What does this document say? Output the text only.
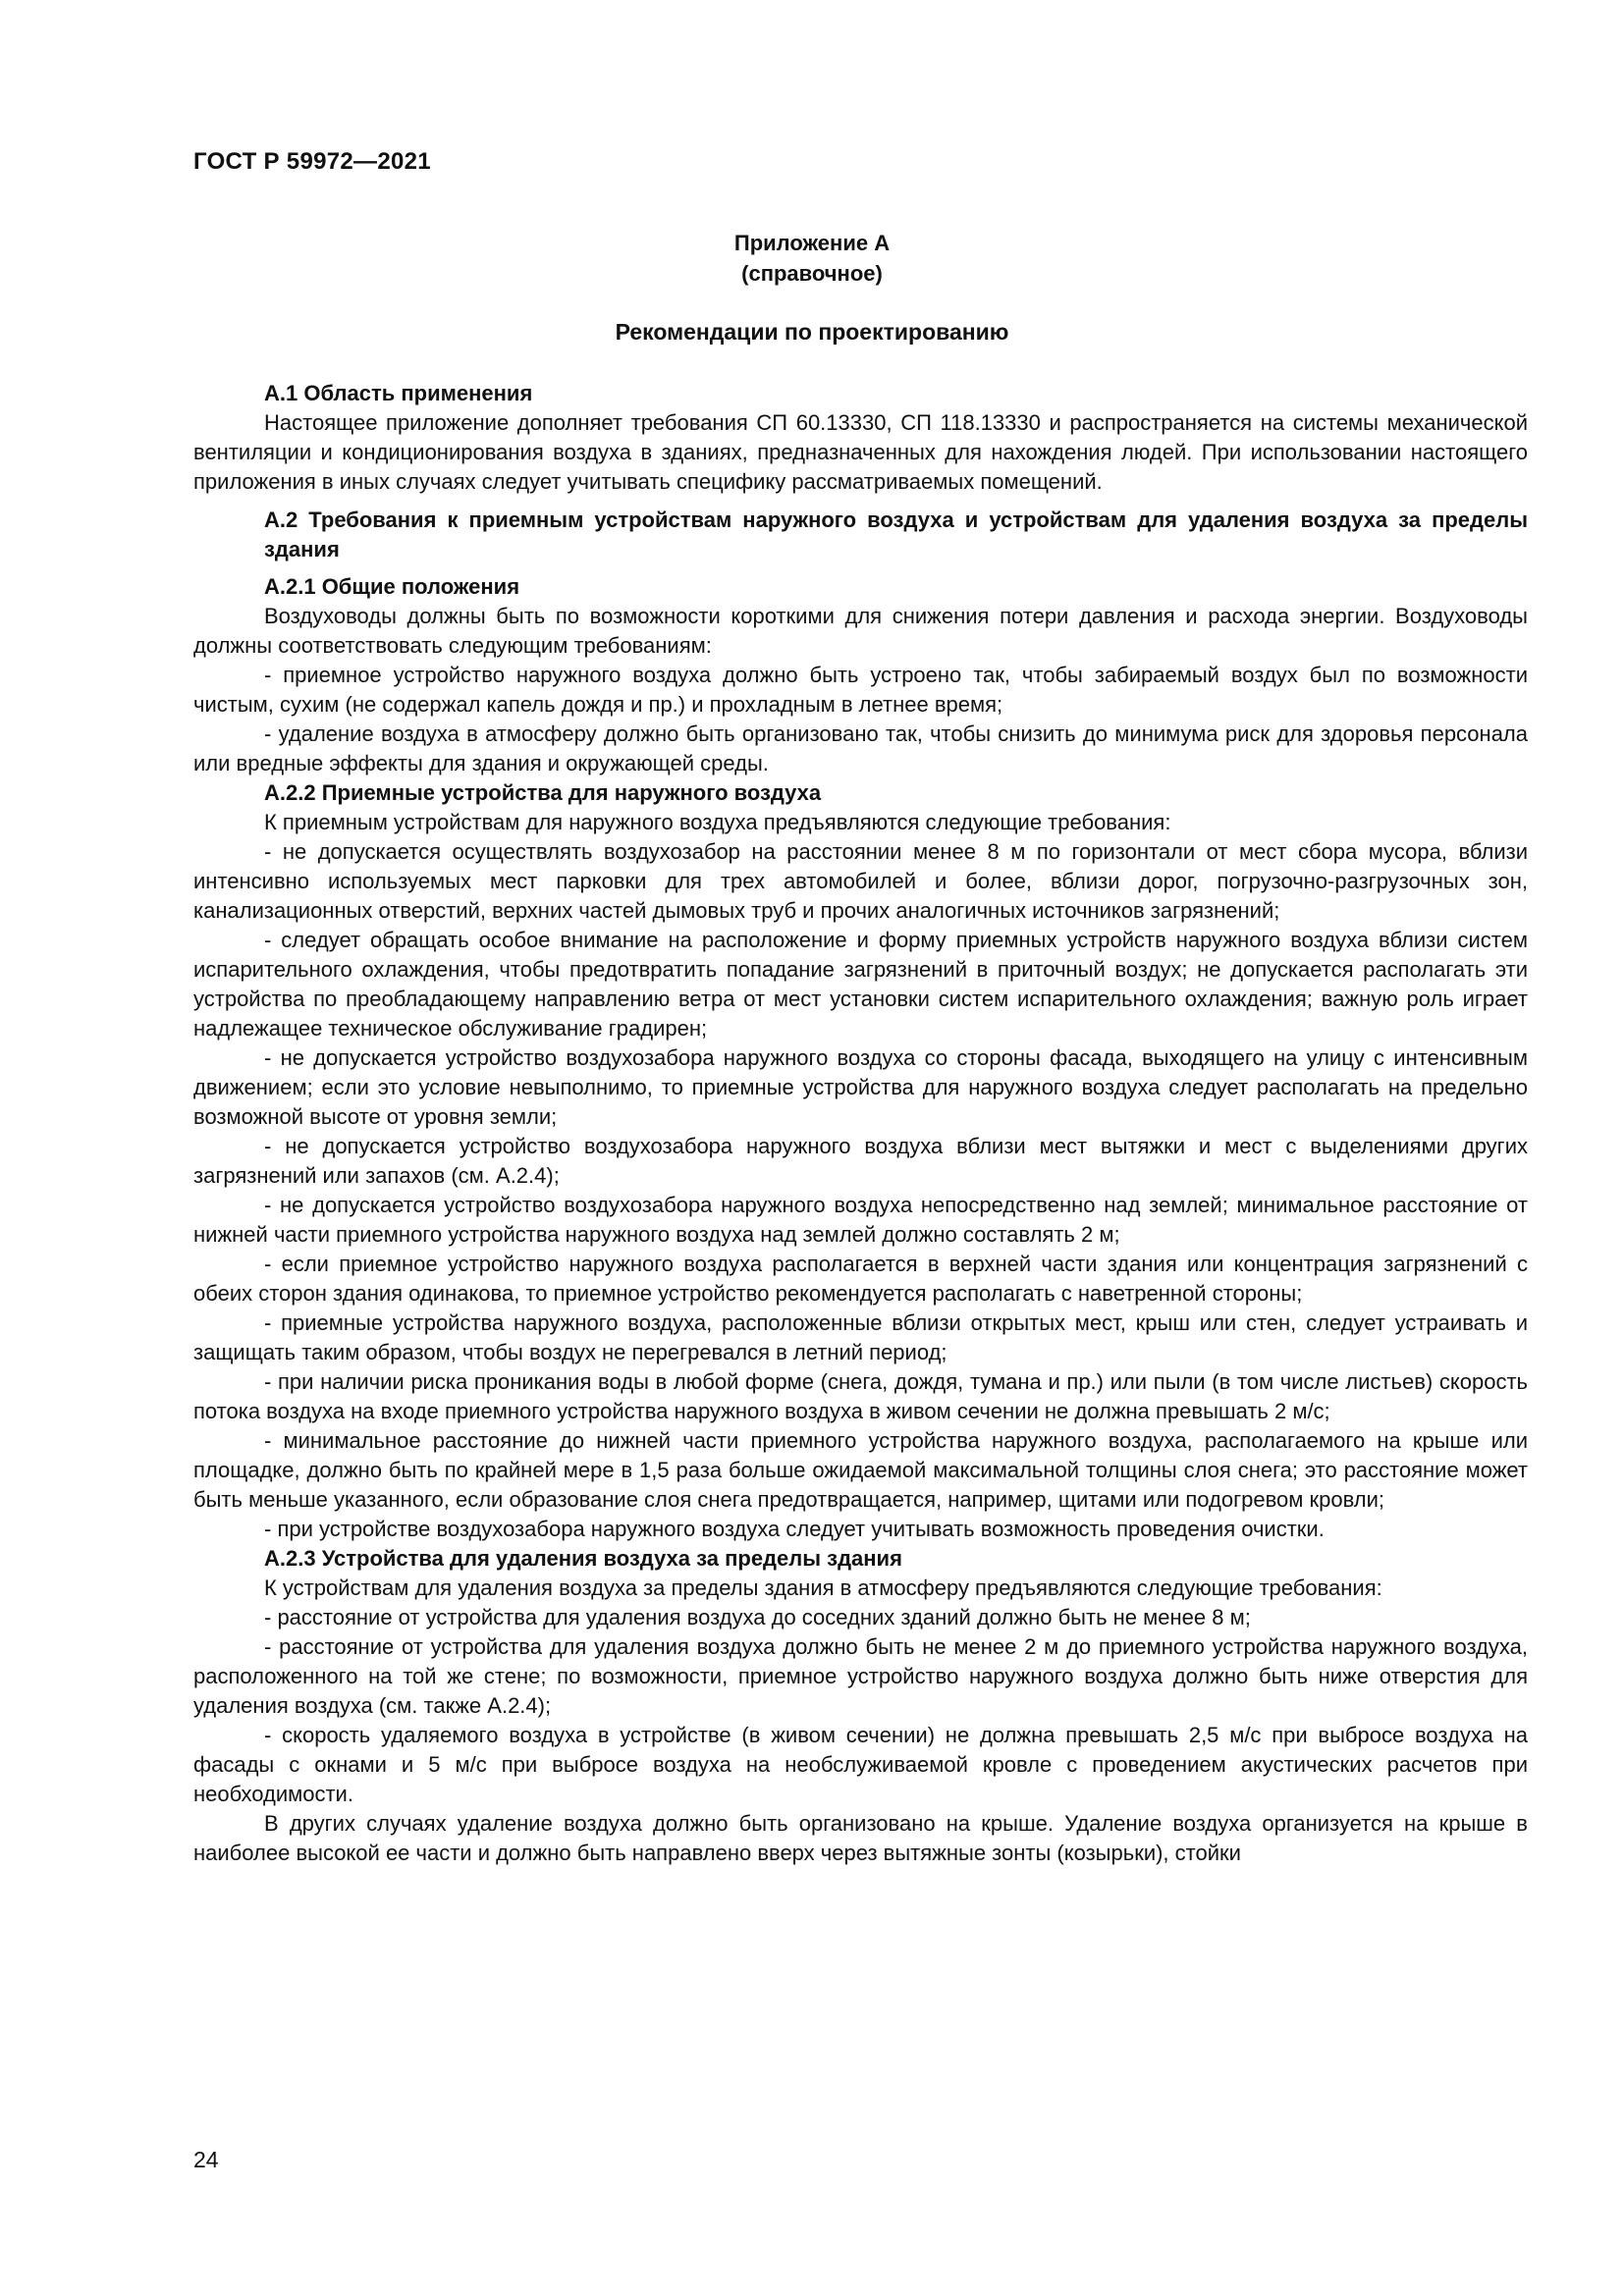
ГОСТ Р 59972—2021
Приложение А
(справочное)
Рекомендации по проектированию

А.1 Область применения

Настоящее приложение дополняет требования СП 60.13330, СП 118.13330 и распространяется на системы механической вентиляции и кондиционирования воздуха в зданиях, предназначенных для нахождения людей. При использовании настоящего приложения в иных случаях следует учитывать специфику рассматриваемых помещений.

А.2 Требования к приемным устройствам наружного воздуха и устройствам для удаления воздуха за пределы здания

А.2.1 Общие положения

Воздуховоды должны быть по возможности короткими для снижения потери давления и расхода энергии. Воздуховоды должны соответствовать следующим требованиям:

- приемное устройство наружного воздуха должно быть устроено так, чтобы забираемый воздух был по возможности чистым, сухим (не содержал капель дождя и пр.) и прохладным в летнее время;

- удаление воздуха в атмосферу должно быть организовано так, чтобы снизить до минимума риск для здоровья персонала или вредные эффекты для здания и окружающей среды.

А.2.2 Приемные устройства для наружного воздуха

К приемным устройствам для наружного воздуха предъявляются следующие требования:

- не допускается осуществлять воздухозабор на расстоянии менее 8 м по горизонтали от мест сбора мусора, вблизи интенсивно используемых мест парковки для трех автомобилей и более, вблизи дорог, погрузочно-разгрузочных зон, канализационных отверстий, верхних частей дымовых труб и прочих аналогичных источников загрязнений;

- следует обращать особое внимание на расположение и форму приемных устройств наружного воздуха вблизи систем испарительного охлаждения, чтобы предотвратить попадание загрязнений в приточный воздух; не допускается располагать эти устройства по преобладающему направлению ветра от мест установки систем испарительного охлаждения; важную роль играет надлежащее техническое обслуживание градирен;

- не допускается устройство воздухозабора наружного воздуха со стороны фасада, выходящего на улицу с интенсивным движением; если это условие невыполнимо, то приемные устройства для наружного воздуха следует располагать на предельно возможной высоте от уровня земли;

- не допускается устройство воздухозабора наружного воздуха вблизи мест вытяжки и мест с выделениями других загрязнений или запахов (см. А.2.4);

- не допускается устройство воздухозабора наружного воздуха непосредственно над землей; минимальное расстояние от нижней части приемного устройства наружного воздуха над землей должно составлять 2 м;

- если приемное устройство наружного воздуха располагается в верхней части здания или концентрация загрязнений с обеих сторон здания одинакова, то приемное устройство рекомендуется располагать с наветренной стороны;

- приемные устройства наружного воздуха, расположенные вблизи открытых мест, крыш или стен, следует устраивать и защищать таким образом, чтобы воздух не перегревался в летний период;

- при наличии риска проникания воды в любой форме (снега, дождя, тумана и пр.) или пыли (в том числе листьев) скорость потока воздуха на входе приемного устройства наружного воздуха в живом сечении не должна превышать 2 м/с;

- минимальное расстояние до нижней части приемного устройства наружного воздуха, располагаемого на крыше или площадке, должно быть по крайней мере в 1,5 раза больше ожидаемой максимальной толщины слоя снега; это расстояние может быть меньше указанного, если образование слоя снега предотвращается, например, щитами или подогревом кровли;

- при устройстве воздухозабора наружного воздуха следует учитывать возможность проведения очистки.

А.2.3 Устройства для удаления воздуха за пределы здания

К устройствам для удаления воздуха за пределы здания в атмосферу предъявляются следующие требования:

- расстояние от устройства для удаления воздуха до соседних зданий должно быть не менее 8 м;

- расстояние от устройства для удаления воздуха должно быть не менее 2 м до приемного устройства наружного воздуха, расположенного на той же стене; по возможности, приемное устройство наружного воздуха должно быть ниже отверстия для удаления воздуха (см. также А.2.4);

- скорость удаляемого воздуха в устройстве (в живом сечении) не должна превышать 2,5 м/с при выбросе воздуха на фасады с окнами и 5 м/с при выбросе воздуха на необслуживаемой кровле с проведением акустических расчетов при необходимости.

В других случаях удаление воздуха должно быть организовано на крыше. Удаление воздуха организуется на крыше в наиболее высокой ее части и должно быть направлено вверх через вытяжные зонты (козырьки), стойки

24
